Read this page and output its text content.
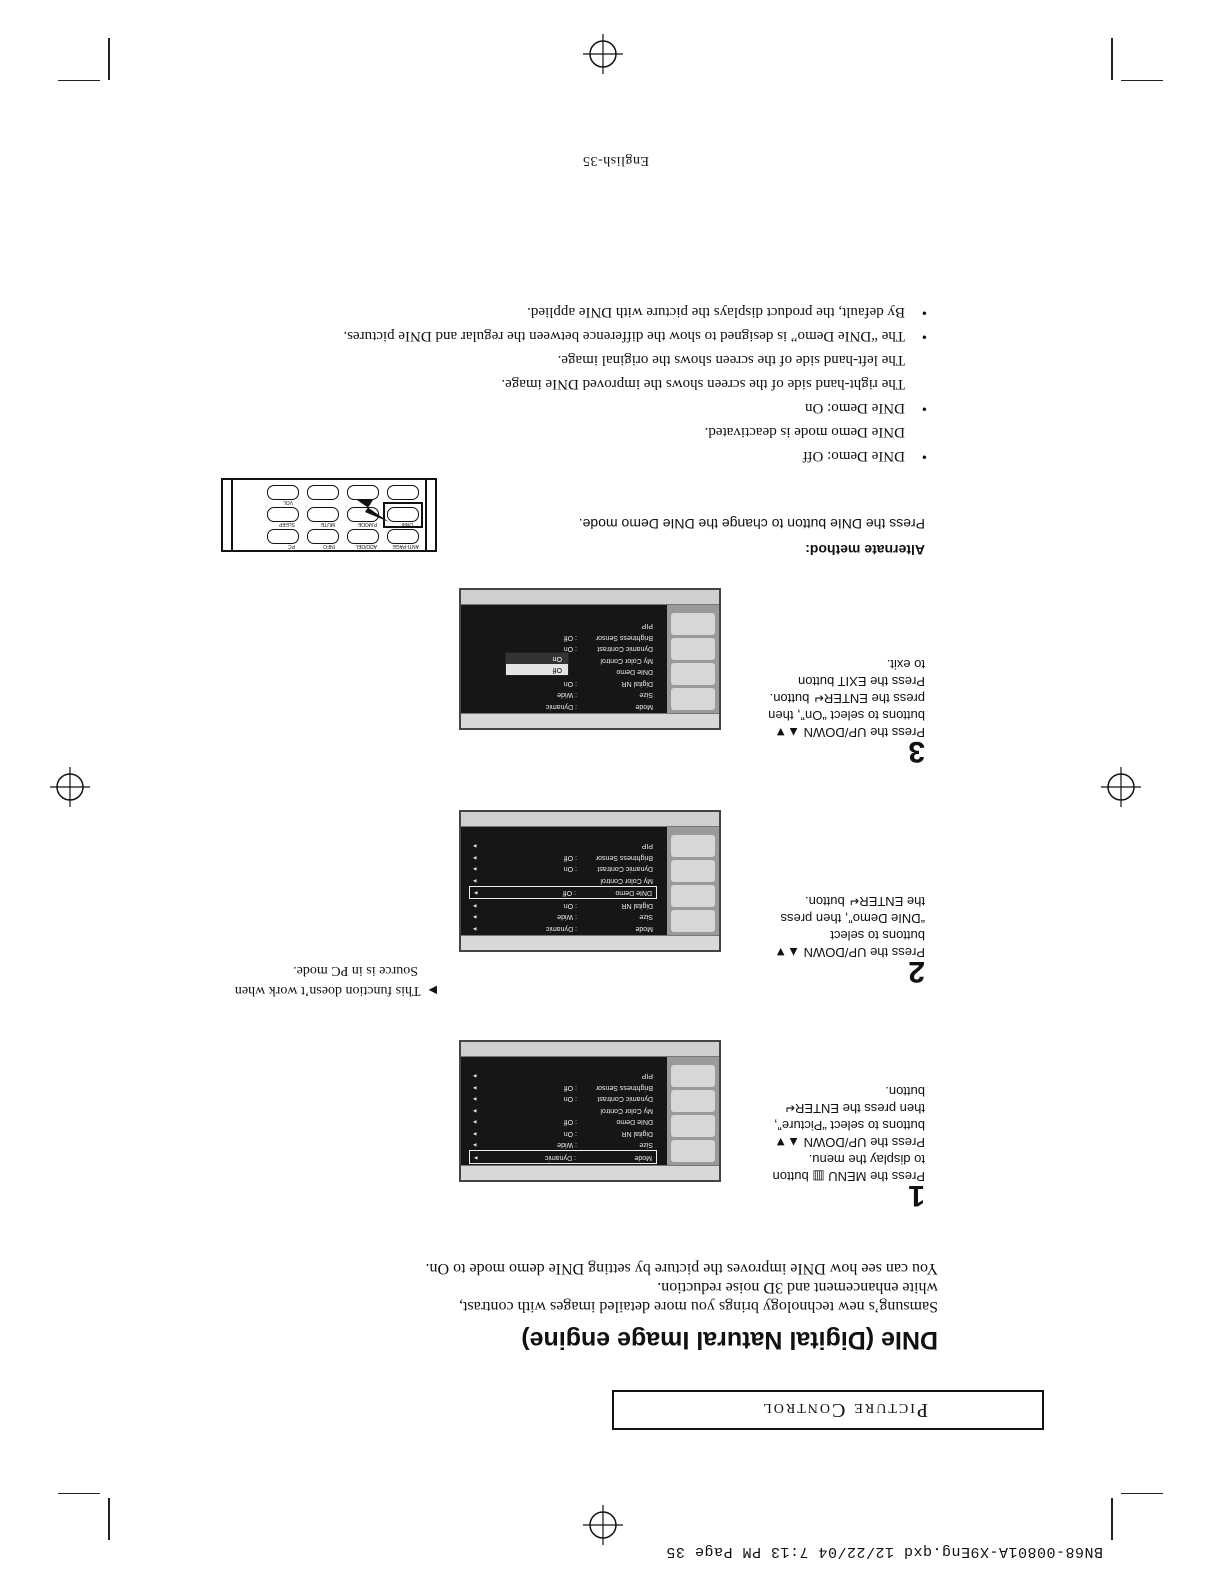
BN68-00801A-X9Eng.qxd 12/22/04 7:13 PM Page 35
Picture Control
DNIe (Digital Natural Image engine)
Samsung’s new technology brings you more detailed images with contrast,
white enhancement and 3D noise reduction.
You can see how DNIe improves the picture by setting DNIe demo mode to On.
1
Press the MENU ▥ button
to display the menu.
Press the UP/DOWN ▲▼
buttons to select “Picture”,
then press the ENTER↵
button.
Mode
: Dynamic
▸
Size
: Wide
▸
Digital NR
: On
▸
DNIe Demo
: Off
▸
My Color Control
▸
Dynamic Contrast
: On
▸
Brightness Sensor
: Off
▸
PIP
▸
2
Press the UP/DOWN ▲▼
buttons to select
“DNIe Demo”, then press
the ENTER↵ button.
Mode
: Dynamic
▸
Size
: Wide
▸
Digital NR
: On
▸
DNIe Demo
: Off
▸
My Color Control
▸
Dynamic Contrast
: On
▸
Brightness Sensor
: Off
▸
PIP
▸
3
Press the UP/DOWN ▲▼
buttons to select “On”, then
press the ENTER↵ button.
Press the EXIT button
to exit.
Mode
: Dynamic
Size
: Wide
Digital NR
: On
DNIe Demo
My Color Control
Dynamic Contrast
: On
Brightness Sensor
: Off
PIP
Off
On
▶This function doesn’t work when
Source is in PC mode.
Alternate method:
Press the DNIe button to change the DNIe Demo mode.
ANTI-PAGE
ADD/DEL
INFO
PC
DNIe
P.MODE
MUTE
SLEEP
VOL
• DNIe Demo: Off
DNIe Demo mode is deactivated.
• DNIe Demo: On
The right-hand side of the screen shows the improved DNIe image.
The left-hand side of the screen shows the original image.
• The “DNIe Demo” is designed to show the difference between the regular and DNIe pictures.
• By default, the product displays the picture with DNIe applied.
English-35
